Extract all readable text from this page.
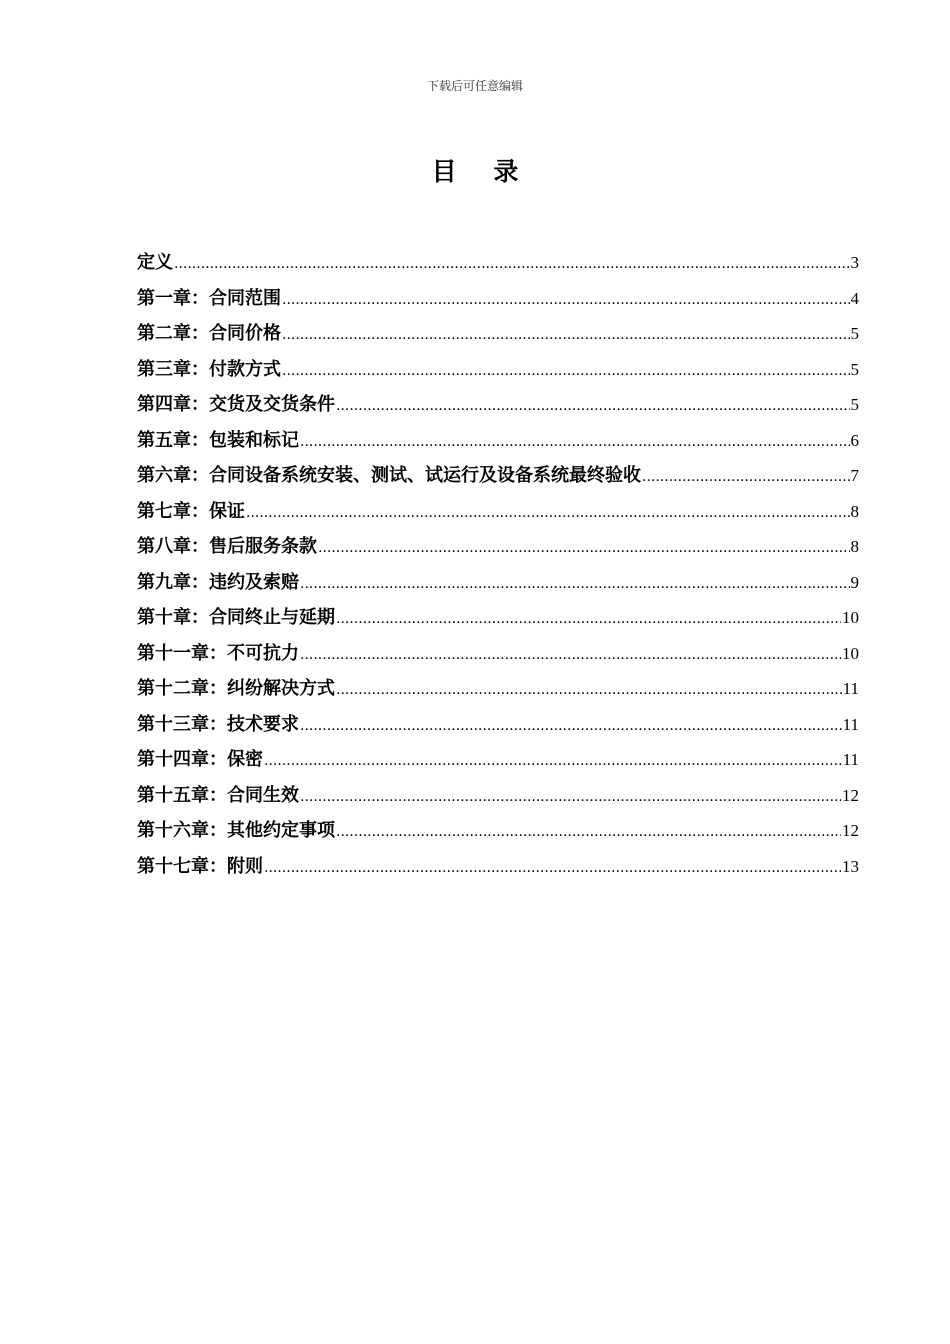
下载后可任意编辑
目 录
定义 .....	3
第一章：合同范围 .....	4
第二章：合同价格 .....	5
第三章：付款方式 .....	5
第四章：交货及交货条件 .....	5
第五章：包装和标记 .....	6
第六章：合同设备系统安装、测试、试运行及设备系统最终验收 .....	7
第七章：保证 .....	8
第八章：售后服务条款 .....	8
第九章：违约及索赔 .....	9
第十章：合同终止与延期 .....	10
第十一章：不可抗力 .....	10
第十二章：纠纷解决方式 .....	11
第十三章：技术要求 .....	11
第十四章：保密 .....	11
第十五章：合同生效 .....	12
第十六章：其他约定事项 .....	12
第十七章：附则 .....	13
